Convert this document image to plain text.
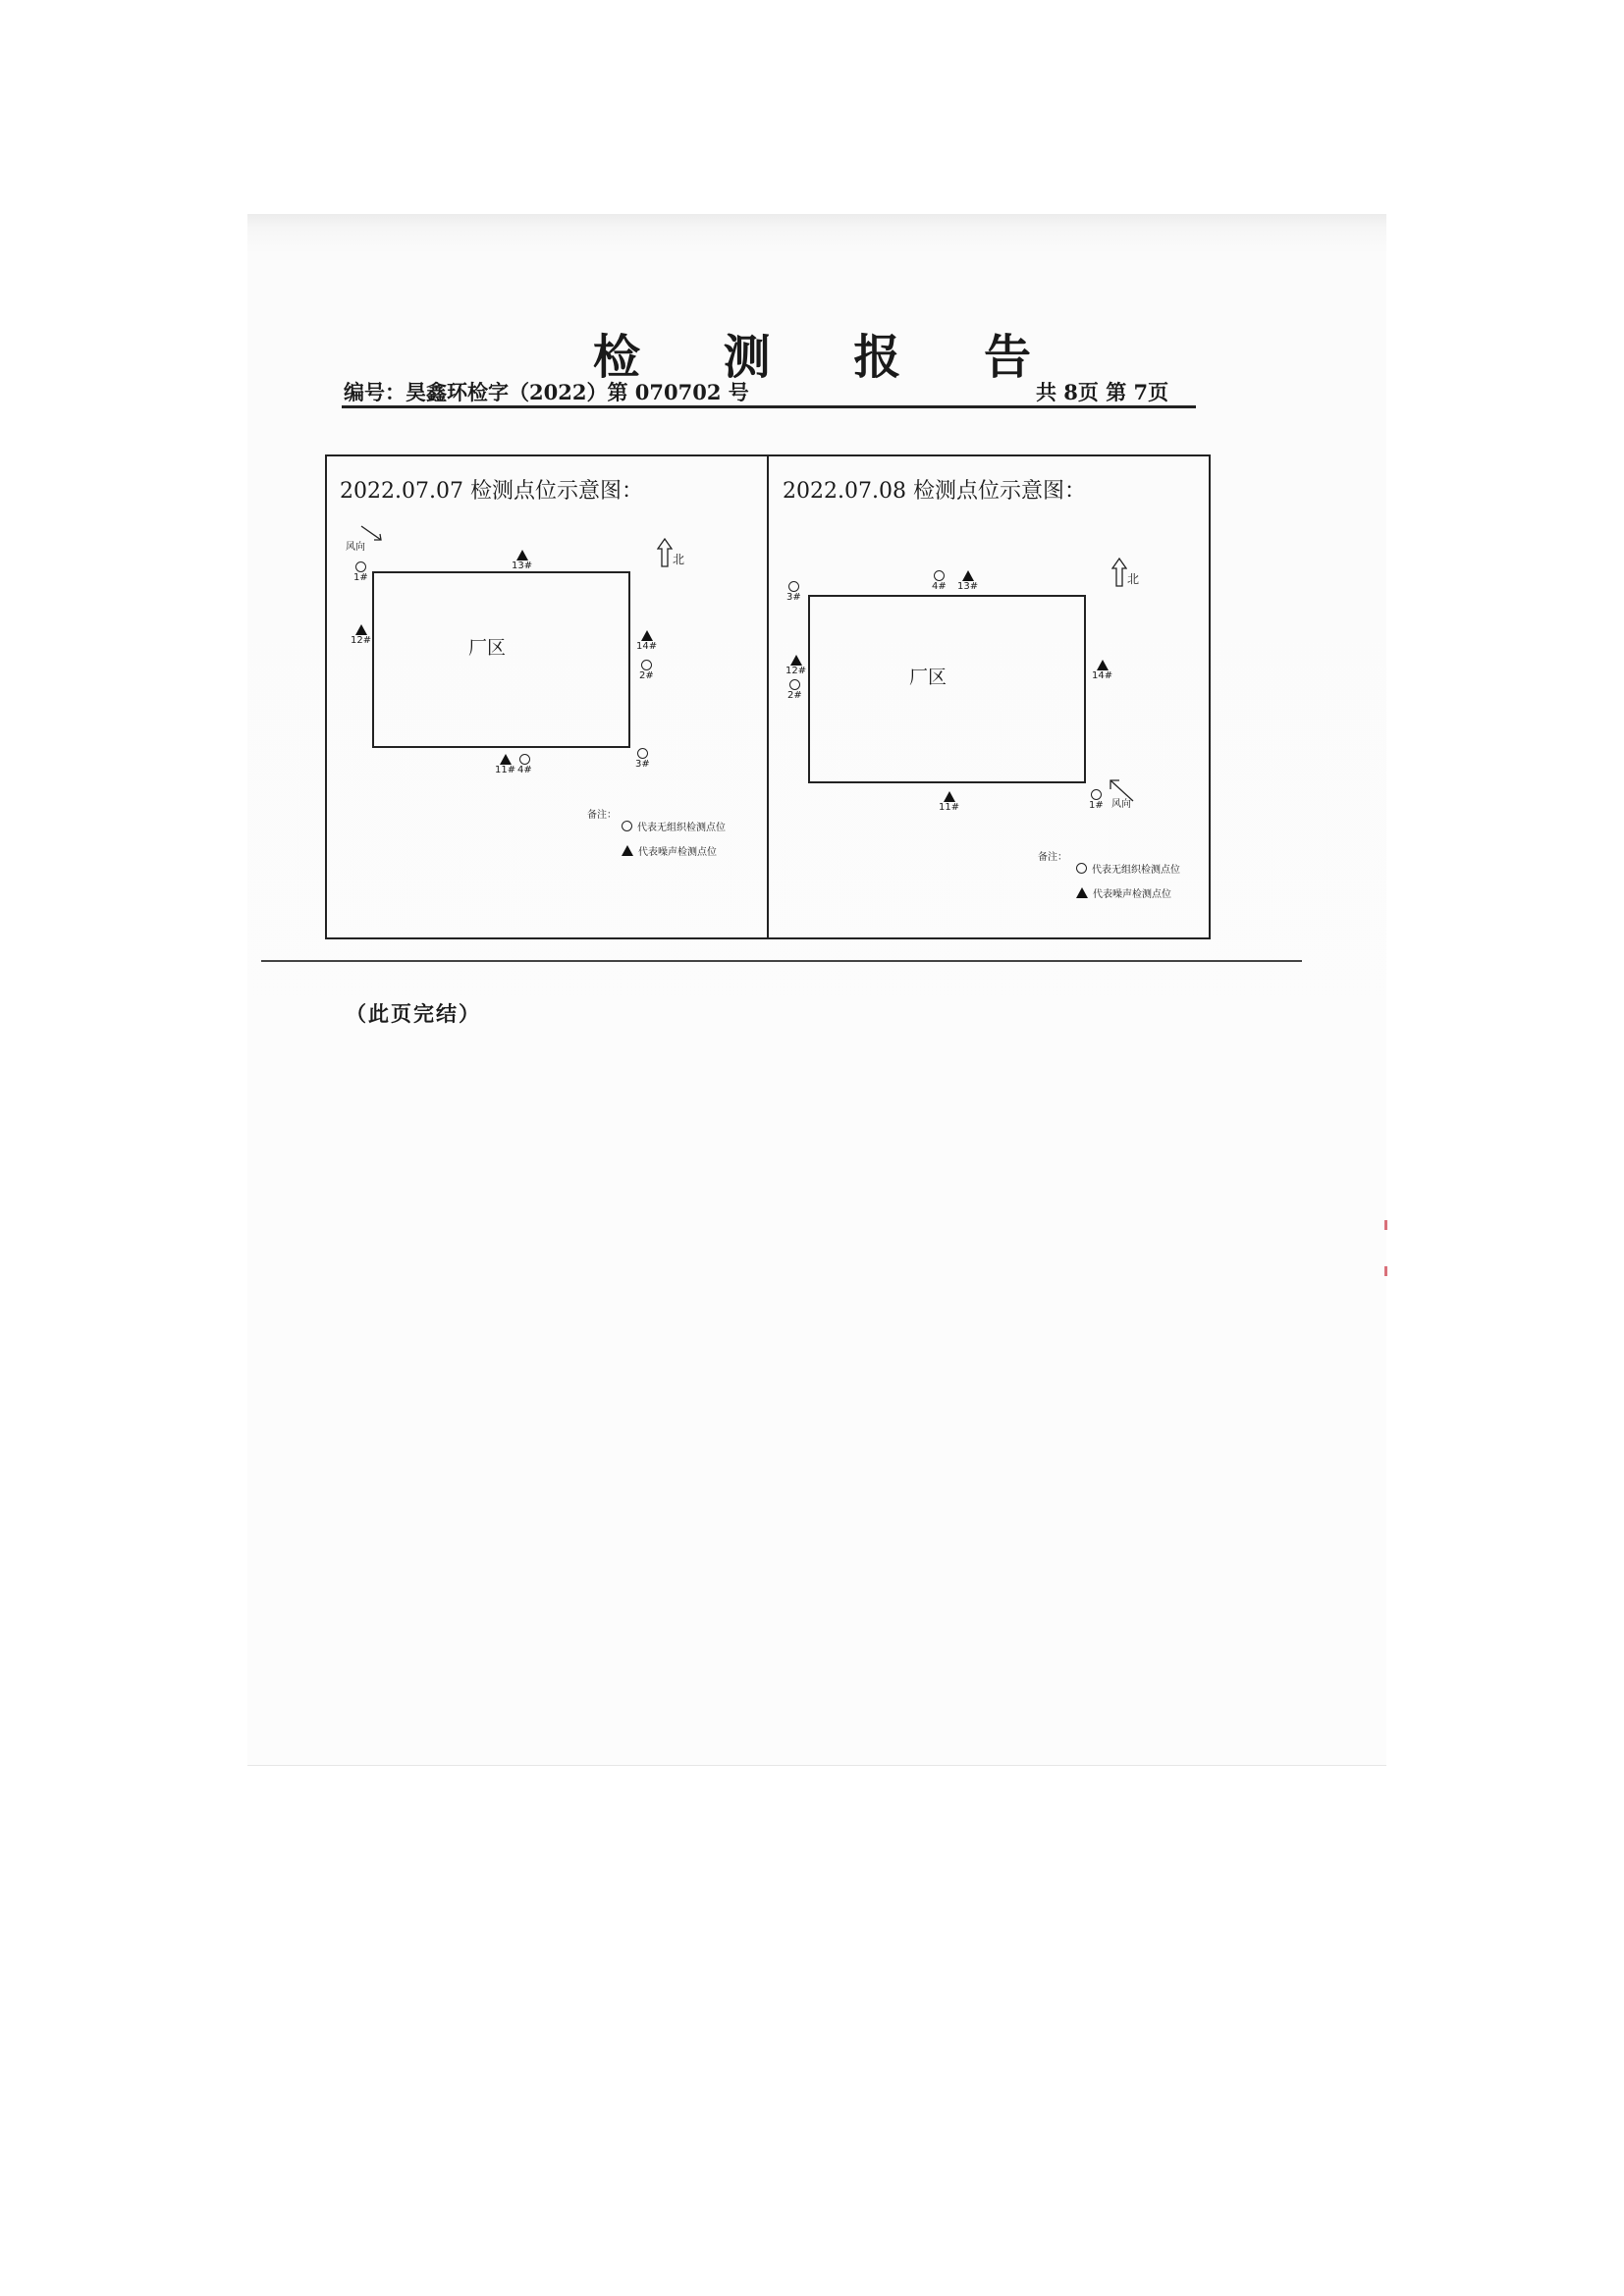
检 测 报 告
编号：昊鑫环检字（2022）第 070702 号	共 8页 第 7页
2022.07.07 检测点位示意图：
风向
北
厂区
1#
13#
12#
14#
2#
11# 4#
3#
备注：
代表无组织检测点位
代表噪声检测点位
2022.07.08 检测点位示意图：
北
厂区
3#
4# 13#
12#
2#
14#
11#	1# 风向
备注：
代表无组织检测点位
代表噪声检测点位
（此页完结）
